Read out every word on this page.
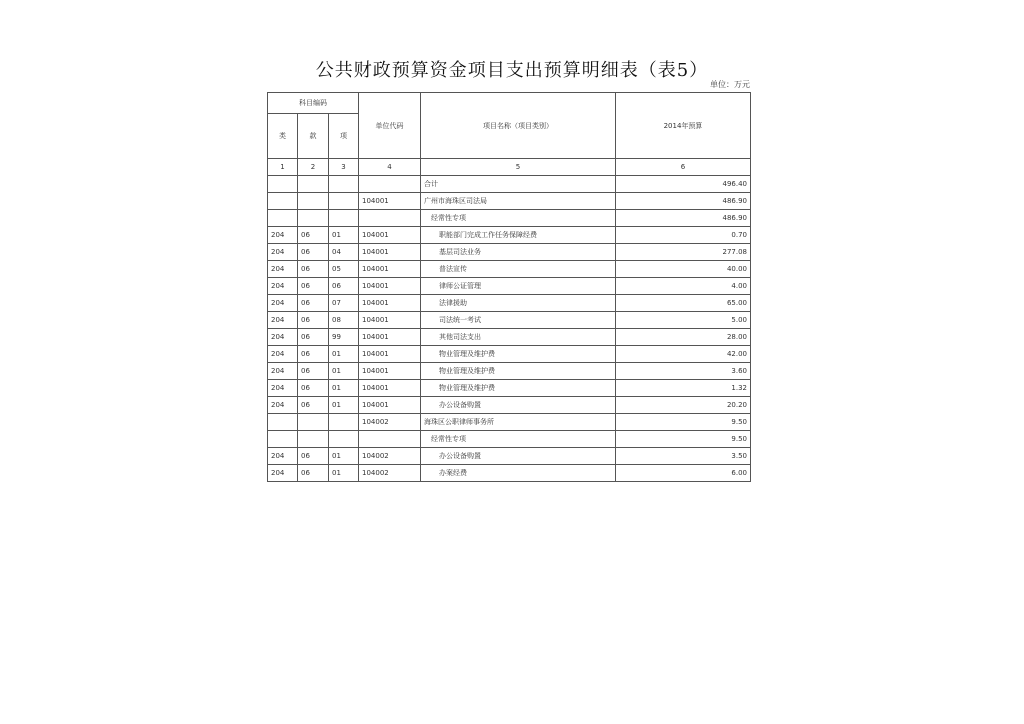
公共财政预算资金项目支出预算明细表（表5）
单位：万元
科目编码			单位代码	项目名称（项目类别）	2014年预算
类	款	项			
1	2	3	4	5	6
				合计	496.40
			104001	广州市海珠区司法局	486.90
				经常性专项	486.90
204	06	01	104001	职能部门完成工作任务保障经费	0.70
204	06	04	104001	基层司法业务	277.08
204	06	05	104001	普法宣传	40.00
204	06	06	104001	律师公证管理	4.00
204	06	07	104001	法律援助	65.00
204	06	08	104001	司法统一考试	5.00
204	06	99	104001	其他司法支出	28.00
204	06	01	104001	物业管理及维护费	42.00
204	06	01	104001	物业管理及维护费	3.60
204	06	01	104001	物业管理及维护费	1.32
204	06	01	104001	办公设备购置	20.20
			104002	海珠区公职律师事务所	9.50
				经常性专项	9.50
204	06	01	104002	办公设备购置	3.50
204	06	01	104002	办案经费	6.00
